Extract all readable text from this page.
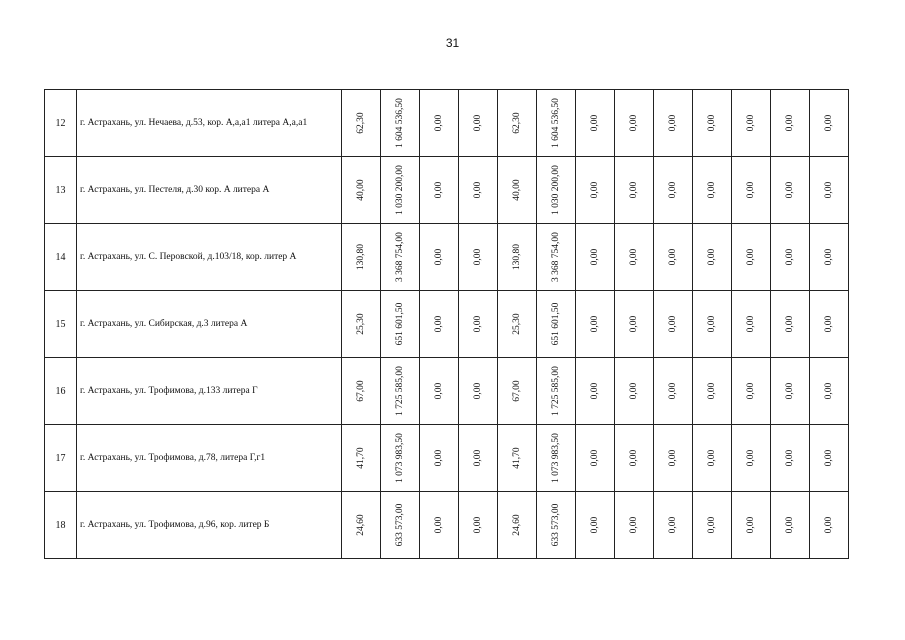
31
12	г. Астрахань, ул. Нечаева, д.53, кор. А,а,а1 литера А,а,а1	62,30	1 604 536,50	0,00	0,00	62,30	1 604 536,50	0,00	0,00	0,00	0,00	0,00	0,00	0,00

13	г. Астрахань, ул. Пестеля, д.30 кор. А литера А	40,00	1 030 200,00	0,00	0,00	40,00	1 030 200,00	0,00	0,00	0,00	0,00	0,00	0,00	0,00

14	г. Астрахань, ул. С. Перовской, д.103/18, кор. литер А	130,80	3 368 754,00	0,00	0,00	130,80	3 368 754,00	0,00	0,00	0,00	0,00	0,00	0,00	0,00

15	г. Астрахань, ул. Сибирская, д.3 литера А	25,30	651 601,50	0,00	0,00	25,30	651 601,50	0,00	0,00	0,00	0,00	0,00	0,00	0,00

16	г. Астрахань, ул. Трофимова, д.133 литера Г	67,00	1 725 585,00	0,00	0,00	67,00	1 725 585,00	0,00	0,00	0,00	0,00	0,00	0,00	0,00

17	г. Астрахань, ул. Трофимова, д.78, литера Г,г1	41,70	1 073 983,50	0,00	0,00	41,70	1 073 983,50	0,00	0,00	0,00	0,00	0,00	0,00	0,00

18	г. Астрахань, ул. Трофимова, д.96, кор. литер Б	24,60	633 573,00	0,00	0,00	24,60	633 573,00	0,00	0,00	0,00	0,00	0,00	0,00	0,00
